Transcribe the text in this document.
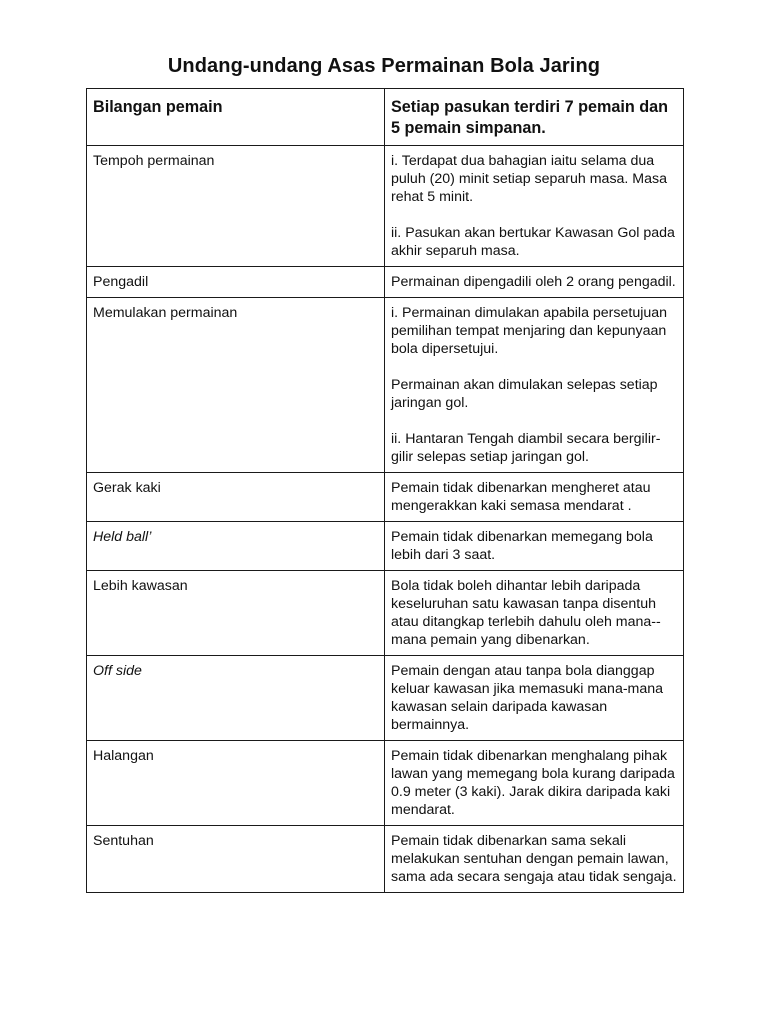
Undang-undang Asas Permainan Bola Jaring
Bilangan pemain	Setiap pasukan terdiri 7 pemain dan 5 pemain simpanan.
Tempoh permainan	i. Terdapat dua bahagian iaitu selama dua puluh (20) minit setiap separuh masa. Masa rehat 5 minit.
ii. Pasukan akan bertukar Kawasan Gol pada akhir separuh masa.

Pengadil	Permainan dipengadili oleh 2 orang pengadil.

Memulakan permainan	i. Permainan dimulakan apabila persetujuan pemilihan tempat menjaring dan kepunyaan bola dipersetujui.
Permainan akan dimulakan selepas setiap jaringan gol.
ii. Hantaran Tengah diambil secara bergilir-gilir selepas setiap jaringan gol.

Gerak kaki	Pemain tidak dibenarkan mengheret atau mengerakkan kaki semasa mendarat .

Held ball’	Pemain tidak dibenarkan memegang bola lebih dari 3 saat.

Lebih kawasan	Bola tidak boleh dihantar lebih daripada keseluruhan satu kawasan tanpa disentuh atau ditangkap terlebih dahulu oleh mana--mana pemain yang dibenarkan.

Off side	Pemain dengan atau tanpa bola dianggap keluar kawasan jika memasuki mana-mana kawasan selain daripada kawasan bermainnya.

Halangan	Pemain tidak dibenarkan menghalang pihak lawan yang memegang bola kurang daripada 0.9 meter (3 kaki). Jarak dikira daripada kaki mendarat.

Sentuhan	Pemain tidak dibenarkan sama sekali melakukan sentuhan dengan pemain lawan, sama ada secara sengaja atau tidak sengaja.
